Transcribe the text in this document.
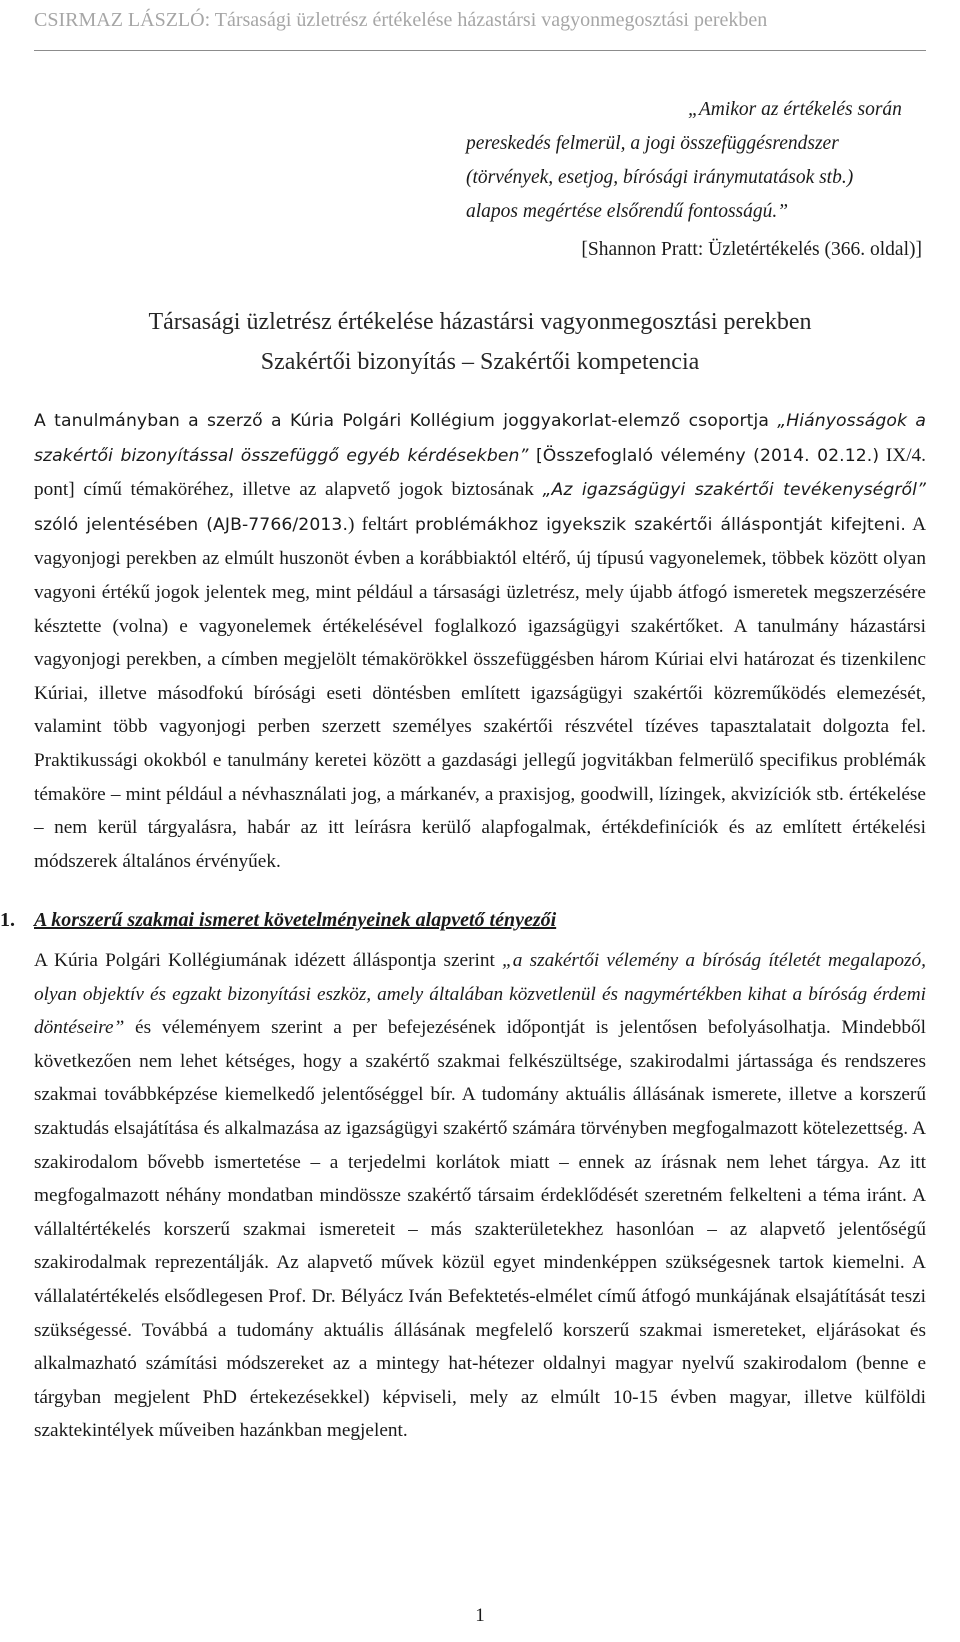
CSIRMAZ LÁSZLÓ: Társasági üzletrész értékelése házastársi vagyonmegosztási perekben
„Amikor az értékelés során
pereskedés felmerül, a jogi összefüggésrendszer
(törvények, esetjog, bírósági iránymutatások stb.)
alapos megértése elsőrendű fontosságú.”
[Shannon Pratt: Üzletértékelés (366. oldal)]
Társasági üzletrész értékelése házastársi vagyonmegosztási perekben
Szakértői bizonyítás – Szakértői kompetencia
A tanulmányban a szerző a Kúria Polgári Kollégium joggyakorlat-elemző csoportja „Hiányosságok a szakértői bizonyítással összefüggő egyéb kérdésekben” [Összefoglaló vélemény (2014. 02.12.) IX/4. pont] című témaköréhez, illetve az alapvető jogok biztosának „Az igazságügyi szakértői tevékenységről” szóló jelentésében (AJB-7766/2013.) feltárt problémákhoz igyekszik szakértői álláspontját kifejteni. A vagyonjogi perekben az elmúlt huszonöt évben a korábbiaktól eltérő, új típusú vagyonelemek, többek között olyan vagyoni értékű jogok jelentek meg, mint például a társasági üzletrész, mely újabb átfogó ismeretek megszerzésére késztette (volna) e vagyonelemek értékelésével foglalkozó igazságügyi szakértőket. A tanulmány házastársi vagyonjogi perekben, a címben megjelölt témakörökkel összefüggésben három Kúriai elvi határozat és tizenkilenc Kúriai, illetve másodfokú bírósági eseti döntésben említett igazságügyi szakértői közreműködés elemezését, valamint több vagyonjogi perben szerzett személyes szakértői részvétel tízéves tapasztalatait dolgozta fel. Praktikussági okokból e tanulmány keretei között a gazdasági jellegű jogvitákban felmerülő specifikus problémák témaköre – mint például a névhasználati jog, a márkanév, a praxisjog, goodwill, lízingek, akvizíciók stb. értékelése – nem kerül tárgyalásra, habár az itt leírásra kerülő alapfogalmak, értékdefiníciók és az említett értékelési módszerek általános érvényűek.
1. A korszerű szakmai ismeret követelményeinek alapvető tényezői
A Kúria Polgári Kollégiumának idézett álláspontja szerint „a szakértői vélemény a bíróság ítéletét megalapozó, olyan objektív és egzakt bizonyítási eszköz, amely általában közvetlenül és nagymértékben kihat a bíróság érdemi döntéseire” és véleményem szerint a per befejezésének időpontját is jelentősen befolyásolhatja. Mindebből következően nem lehet kétséges, hogy a szakértő szakmai felkészültsége, szakirodalmi jártassága és rendszeres szakmai továbbképzése kiemelkedő jelentőséggel bír. A tudomány aktuális állásának ismerete, illetve a korszerű szaktudás elsajátítása és alkalmazása az igazságügyi szakértő számára törvényben megfogalmazott kötelezettség. A szakirodalom bővebb ismertetése – a terjedelmi korlátok miatt – ennek az írásnak nem lehet tárgya. Az itt megfogalmazott néhány mondatban mindössze szakértő társaim érdeklődését szeretném felkelteni a téma iránt. A vállaltértékelés korszerű szakmai ismereteit – más szakterületekhez hasonlóan – az alapvető jelentőségű szakirodalmak reprezentálják. Az alapvető művek közül egyet mindenképpen szükségesnek tartok kiemelni. A vállalatértékelés elsődlegesen Prof. Dr. Bélyácz Iván Befektetés-elmélet című átfogó munkájának elsajátítását teszi szükségessé. Továbbá a tudomány aktuális állásának megfelelő korszerű szakmai ismereteket, eljárásokat és alkalmazható számítási módszereket az a mintegy hat-hétezer oldalnyi magyar nyelvű szakirodalom (benne e tárgyban megjelent PhD értekezésekkel) képviseli, mely az elmúlt 10-15 évben magyar, illetve külföldi szaktekintélyek műveiben hazánkban megjelent.
1
